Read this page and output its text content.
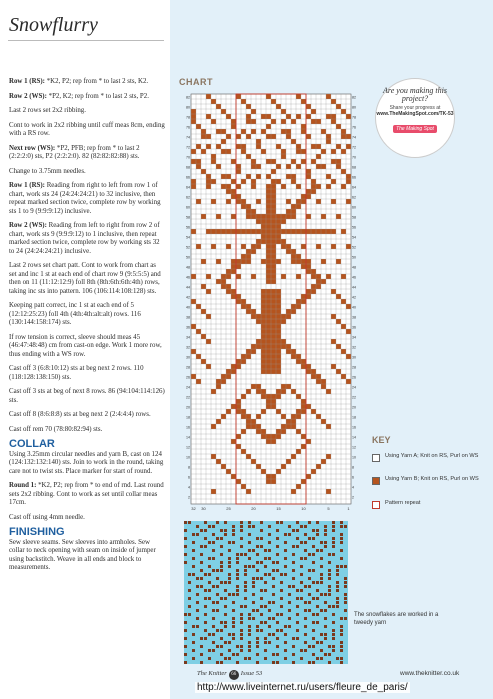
Snowflurry

Row 1 (RS): *K2, P2; rep from * to last 2 sts, K2.

Row 2 (WS): *P2, K2; rep from * to last 2 sts, P2.

Last 2 rows set 2x2 ribbing.

Cont to work in 2x2 ribbing until cuff meas 8cm, ending with a RS row.

Next row (WS): *P2, PFB; rep from * to last 2 (2:2:2:0) sts, P2 (2:2:2:0). 82 (82:82:82:88) sts.

Change to 3.75mm needles.

Row 1 (RS): Reading from right to left from row 1 of chart, work sts 24 (24:24:24:21) to 32 inclusive, then repeat marked section twice, complete row by working sts 1 to 9 (9:9:9:12) inclusive.

Row 2 (WS): Reading from left to right from row 2 of chart, work sts 9 (9:9:9:12) to 1 inclusive, then repeat marked section twice, complete row by working sts 32 to 24 (24:24:24:21) inclusive.

Last 2 rows set chart patt. Cont to work from chart as set and inc 1 st at each end of chart row 9 (9:5:5:5) and then on 11 (11:12:12:9) foll 8th (8th:6th:6th:4th) rows, taking inc sts into pattern. 106 (106:114:108:128) sts.

Keeping patt correct, inc 1 st at each end of 5 (12:12:25:23) foll 4th (4th:4th:alt:alt) rows. 116 (130:144:158:174) sts.

If row tension is correct, sleeve should meas 45 (46:47:48:48) cm from cast-on edge. Work 1 more row, thus ending with a WS row.

Cast off 3 (6:8:10:12) sts at beg next 2 rows. 110 (118:128:138:150) sts.

Cast off 3 sts at beg of next 8 rows. 86 (94:104:114:126) sts.

Cast off 8 (8:6:8:8) sts at beg next 2 (2:4:4:4) rows.

Cast off rem 70 (78:80:82:94) sts.

COLLAR

Using 3.25mm circular needles and yarn B, cast on 124 (124:132:132:140) sts. Join to work in the round, taking care not to twist sts. Place marker for start of round.

Round 1: *K2, P2; rep from * to end of rnd. Last round sets 2x2 ribbing. Cont to work as set until collar meas 17cm.

Cast off using 4mm needle.

FINISHING

Sew sleeve seams. Sew sleeves into armholes. Sew collar to neck opening with seam on inside of jumper using backstitch. Weave in all ends and block to measurements.

CHART
82	82
80	80
78	78
76	76
74	74
72	72
70	70
68	68
66	66
64	64
62	62
60	60
58	58
56	56
54	54
52	52
50	50
48	48
46	46
44	44
42	42
40	40
38	38
36	36
34	34
32	32
30	30
28	28
26	26
24	24
22	22
20	20
18	18
16	16
14	14
12	12
10	10
8	8
6	6
4	4
2	2
32 30	25	20	15	10	5	1
Are you making this project?
Share your progress at
www.TheMakingSpot.com/TK-53
The Making Spot
KEY
Using Yarn A; Knit on RS, Purl on WS
Using Yarn B; Knit on RS, Purl on WS
Pattern repeat
The snowflakes are worked in a tweedy yarn
The Knitter 66 Issue 53	www.theknitter.co.uk
http://www.liveinternet.ru/users/fleure_de_paris/
